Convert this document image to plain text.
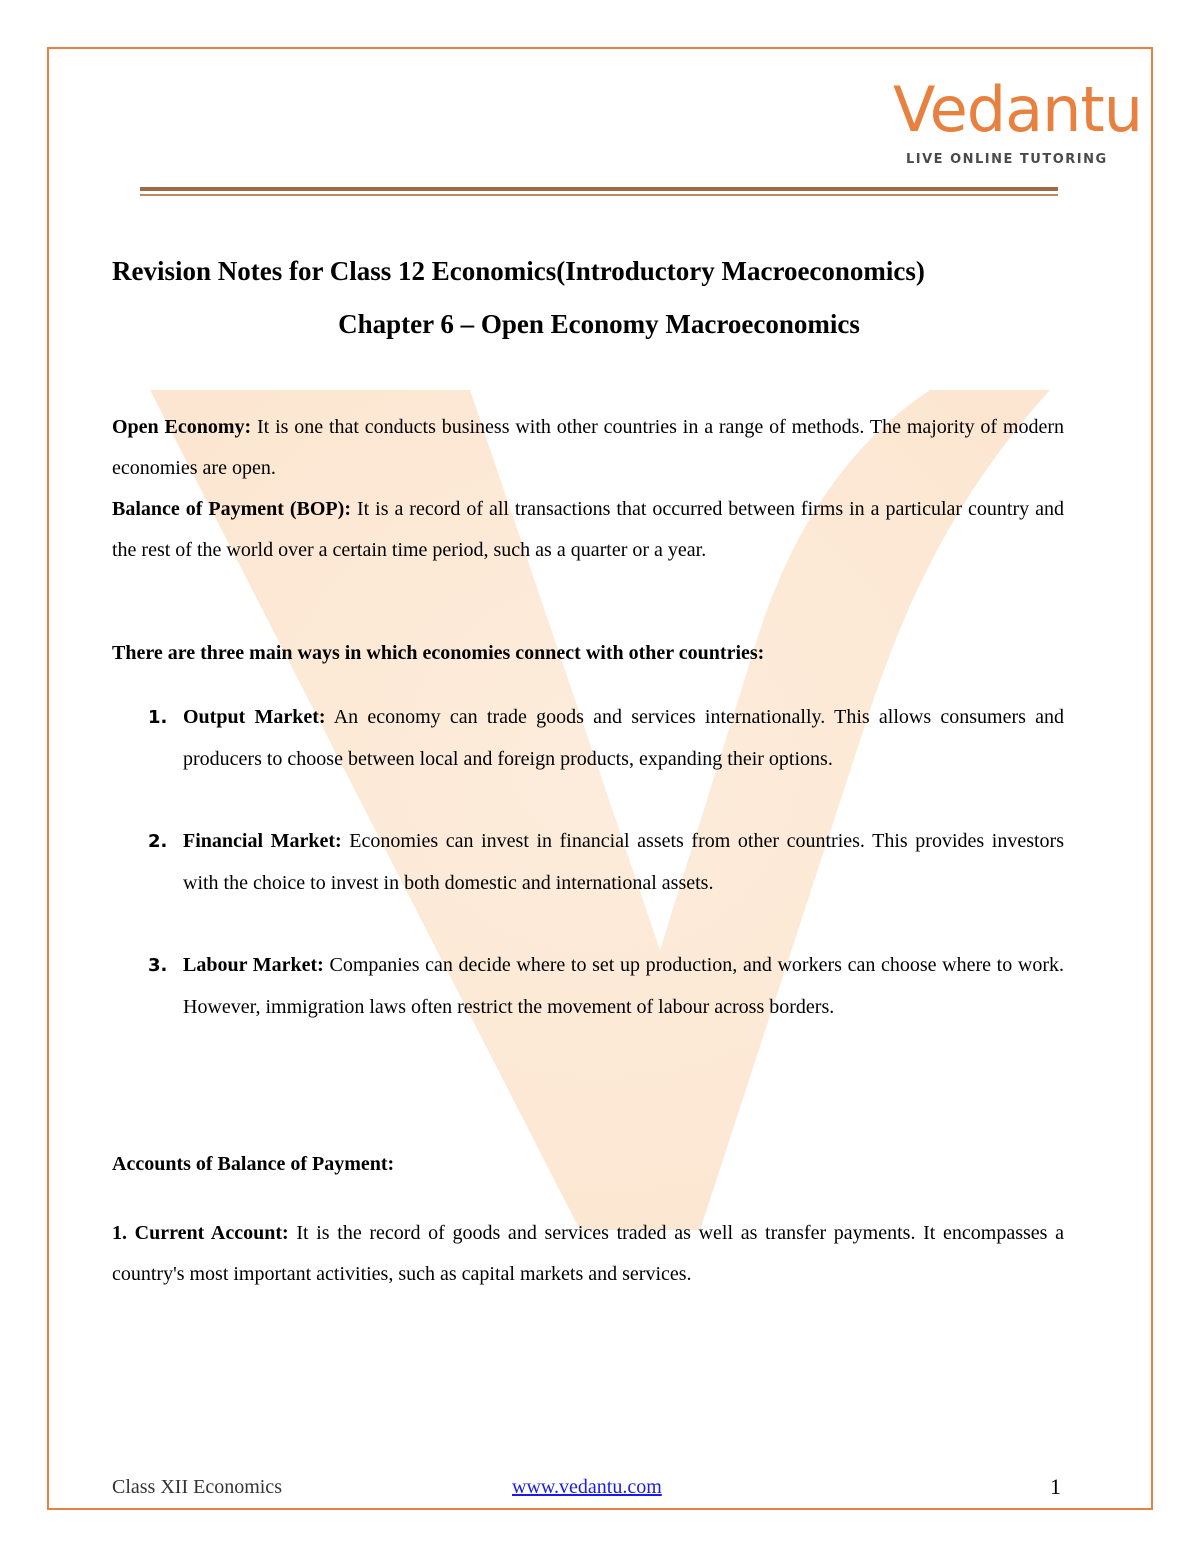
Vedantu
LIVE ONLINE TUTORING
Revision Notes for Class 12 Economics(Introductory Macroeconomics)
Chapter 6 – Open Economy Macroeconomics
Open Economy: It is one that conducts business with other countries in a range of methods. The majority of modern economies are open.
Balance of Payment (BOP): It is a record of all transactions that occurred between firms in a particular country and the rest of the world over a certain time period, such as a quarter or a year.
There are three main ways in which economies connect with other countries:
1. Output Market: An economy can trade goods and services internationally. This allows consumers and producers to choose between local and foreign products, expanding their options.
2. Financial Market: Economies can invest in financial assets from other countries. This provides investors with the choice to invest in both domestic and international assets.
3. Labour Market: Companies can decide where to set up production, and workers can choose where to work. However, immigration laws often restrict the movement of labour across borders.
Accounts of Balance of Payment:
1. Current Account: It is the record of goods and services traded as well as transfer payments. It encompasses a country's most important activities, such as capital markets and services.
Class XII Economics	www.vedantu.com	1
